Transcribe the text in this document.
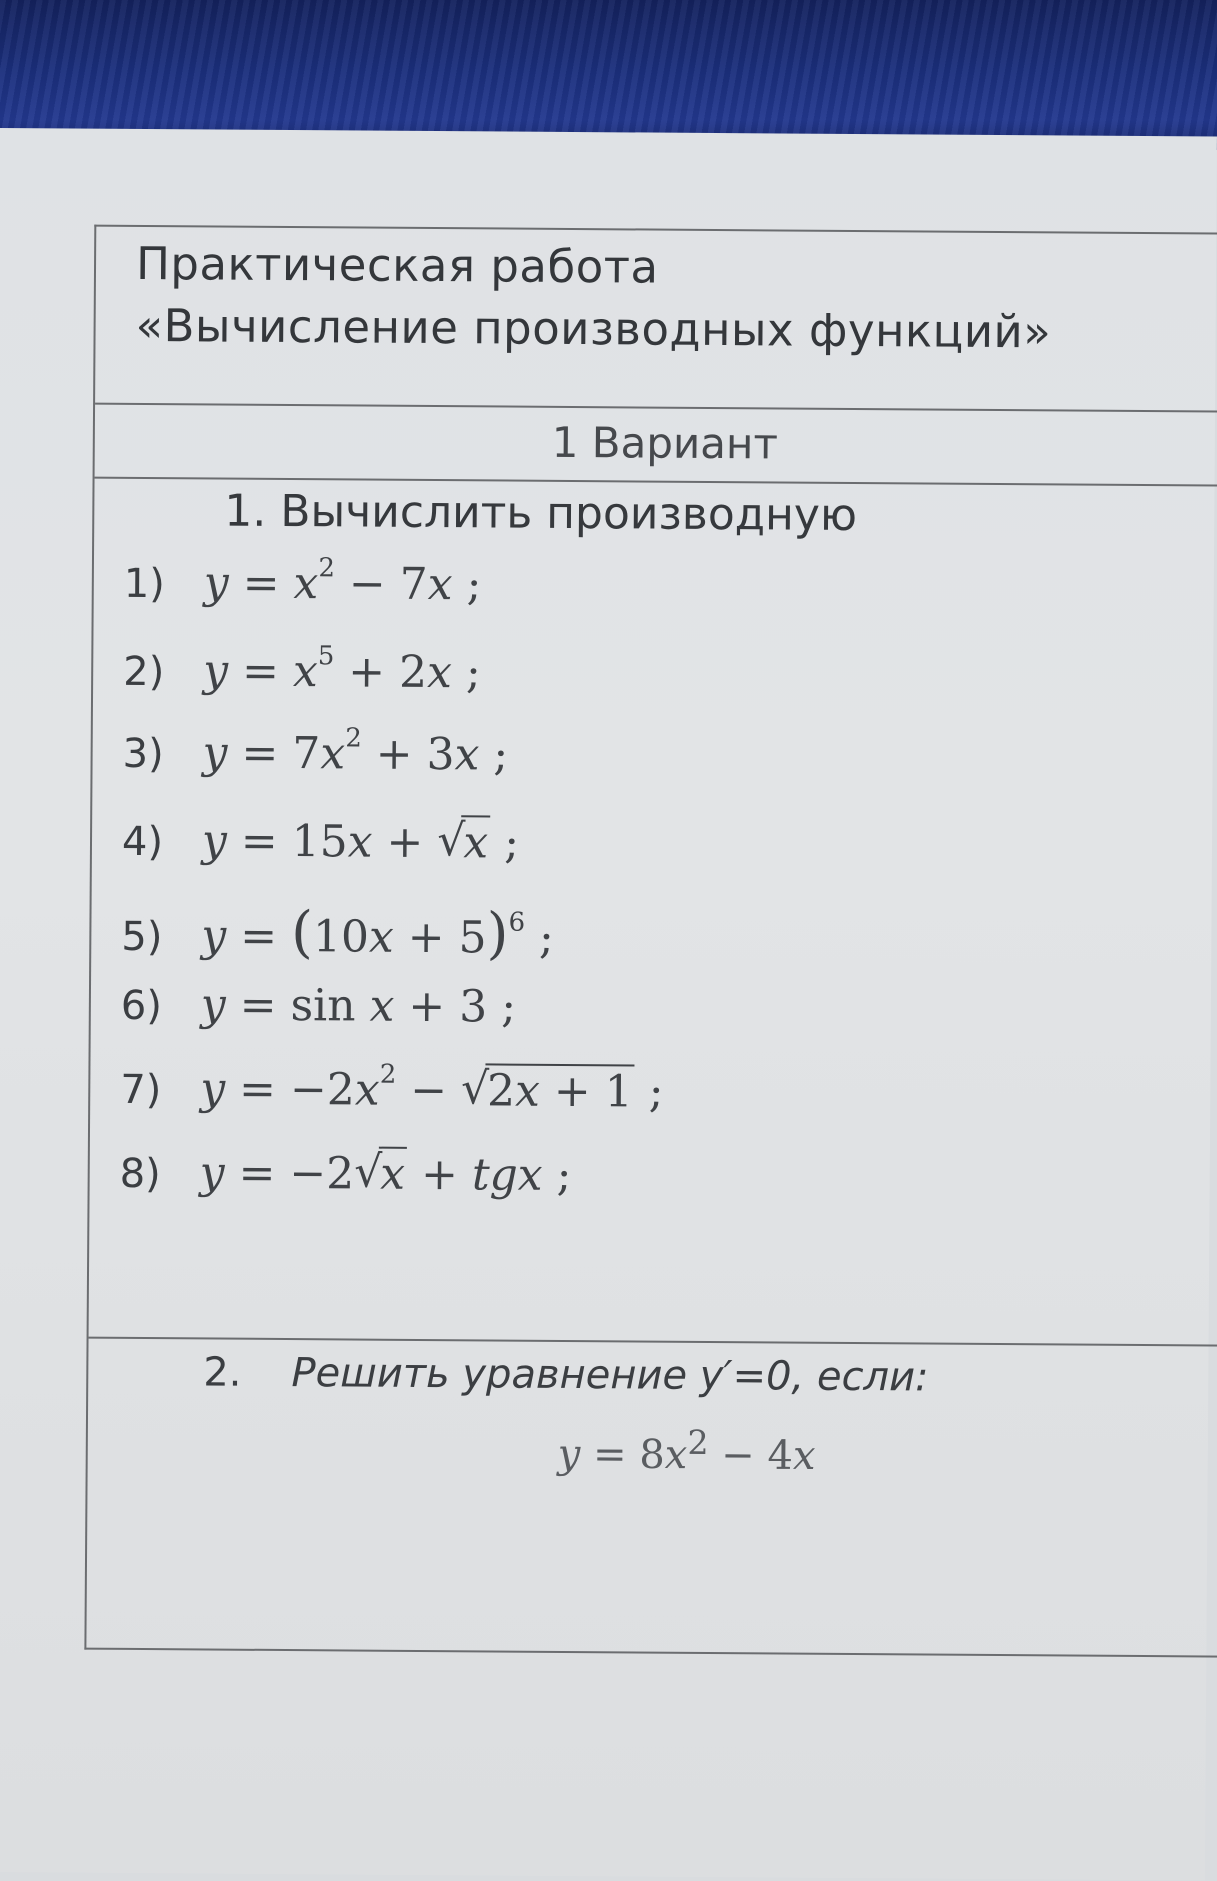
Практическая работа
«Вычисление производных функций»
1 Вариант
1. Вычислить производную
1) $y = x^2 - 7x$ ;
2) $y = x^5 + 2x$ ;
3) $y = 7x^2 + 3x$ ;
4) y = 15x + √ x ;
5) $y = (10x + 5)^6$ ;
6) y = sin x + 3 ;
7) $y = -2x^2$ − √ 2x + 1 ;
8) y = −2√ x + tgx ;
2. Решить уравнение y′=0, если:
$y = 8x^2 - 4x$
